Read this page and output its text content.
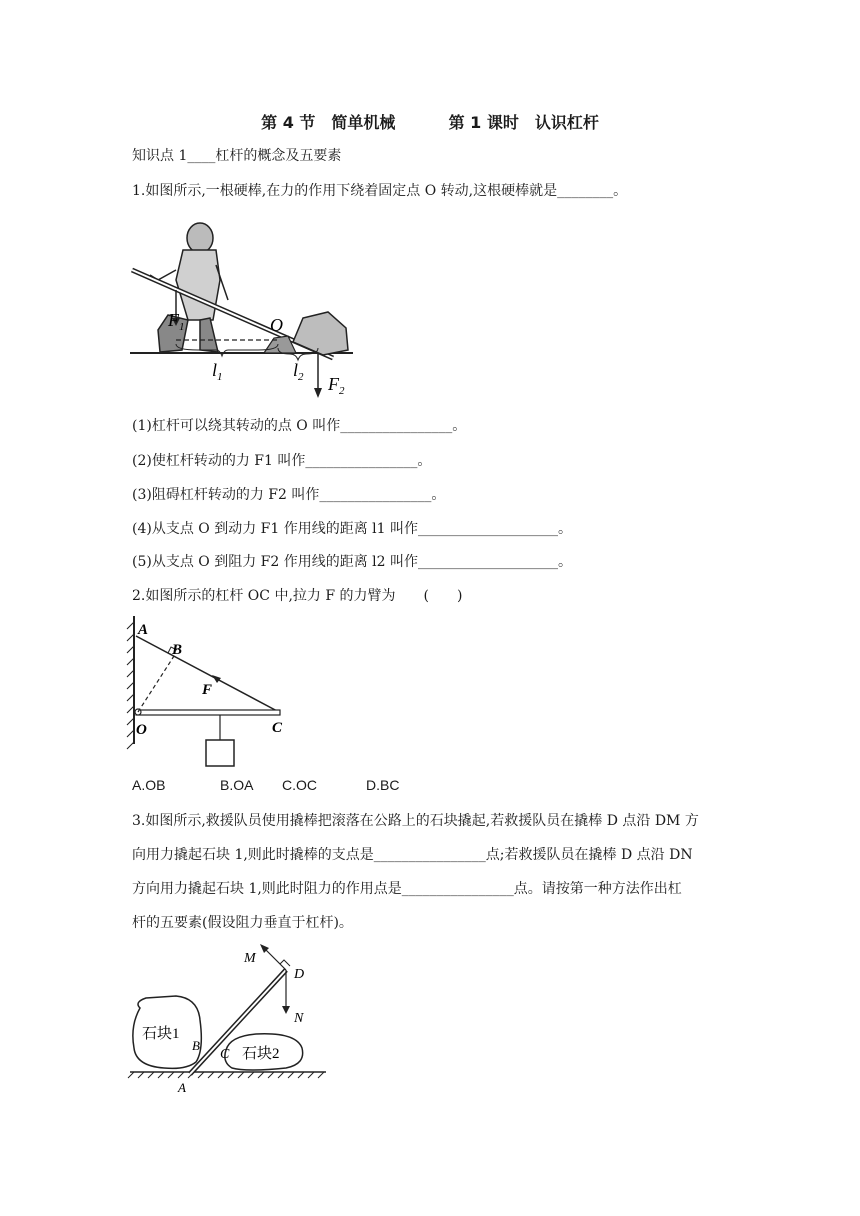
第 4 节　简单机械	第 1 课时　认识杠杆
知识点 1____杠杆的概念及五要素
1.如图所示,一根硬棒,在力的作用下绕着固定点 O 转动,这根硬棒就是________。
$F_1$	O
$l_1$	$l_2$ $F_2$
(1)杠杆可以绕其转动的点 O 叫作________________。
(2)使杠杆转动的力 F1 叫作________________。
(3)阻碍杠杆转动的力 F2 叫作________________。
(4)从支点 O 到动力 F1 作用线的距离 l1 叫作____________________。
(5)从支点 O 到阻力 F2 作用线的距离 l2 叫作____________________。
2.如图所示的杠杆 OC 中,拉力 F 的力臂为　　(　　)
A
B
F
O	C
A.OB	B.OA C.OC	D.BC
3.如图所示,救援队员使用撬棒把滚落在公路上的石块撬起,若救援队员在撬棒 D 点沿 DM 方
向用力撬起石块 1,则此时撬棒的支点是________________点;若救援队员在撬棒 D 点沿 DN
方向用力撬起石块 1,则此时阻力的作用点是________________点。请按第一种方法作出杠
杆的五要素(假设阻力垂直于杠杆)。
M
D
N
石块1
石块2
B
C
A
